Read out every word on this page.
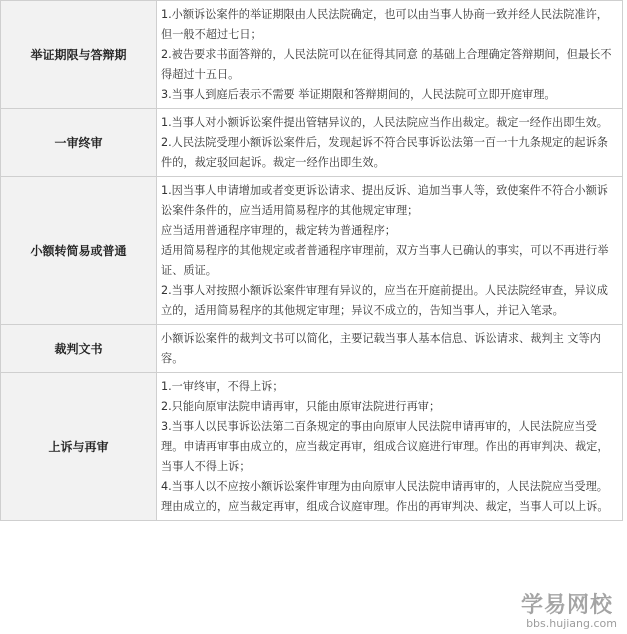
举证期限与答辩期
1.小额诉讼案件的举证期限由人民法院确定，也可以由当事人协商一致并经人民法院准许，但一般不超过七日；
2.被告要求书面答辩的，人民法院可以在征得其同意 的基础上合理确定答辩期间，但最长不得超过十五日。
3.当事人到庭后表示不需要 举证期限和答辩期间的，人民法院可立即开庭审理。
一审终审
1.当事人对小额诉讼案件提出管辖异议的，人民法院应当作出裁定。裁定一经作出即生效。
2.人民法院受理小额诉讼案件后，发现起诉不符合民事诉讼法第一百一十九条规定的起诉条件的，裁定驳回起诉。裁定一经作出即生效。
小额转简易或普通
1.因当事人申请增加或者变更诉讼请求、提出反诉、追加当事人等，致使案件不符合小额诉讼案件条件的，应当适用简易程序的其他规定审理；
应当适用普通程序审理的，裁定转为普通程序；
适用简易程序的其他规定或者普通程序审理前，双方当事人已确认的事实，可以不再进行举证、质证。
2.当事人对按照小额诉讼案件审理有异议的，应当在开庭前提出。人民法院经审查，异议成立的，适用简易程序的其他规定审理；异议不成立的，告知当事人，并记入笔录。
裁判文书
小额诉讼案件的裁判文书可以简化，主要记载当事人基本信息、诉讼请求、裁判主 文等内容。
上诉与再审
1.一审终审，不得上诉；
2.只能向原审法院申请再审，只能由原审法院进行再审；
3.当事人以民事诉讼法第二百条规定的事由向原审人民法院申请再审的，人民法院应当受理。申请再审事由成立的，应当裁定再审，组成合议庭进行审理。作出的再审判决、裁定，当事人不得上诉；
4.当事人以不应按小额诉讼案件审理为由向原审人民法院申请再审的，人民法院应当受理。理由成立的，应当裁定再审，组成合议庭审理。作出的再审判决、裁定，当事人可以上诉。
学易网校
bbs.hujiang.com
